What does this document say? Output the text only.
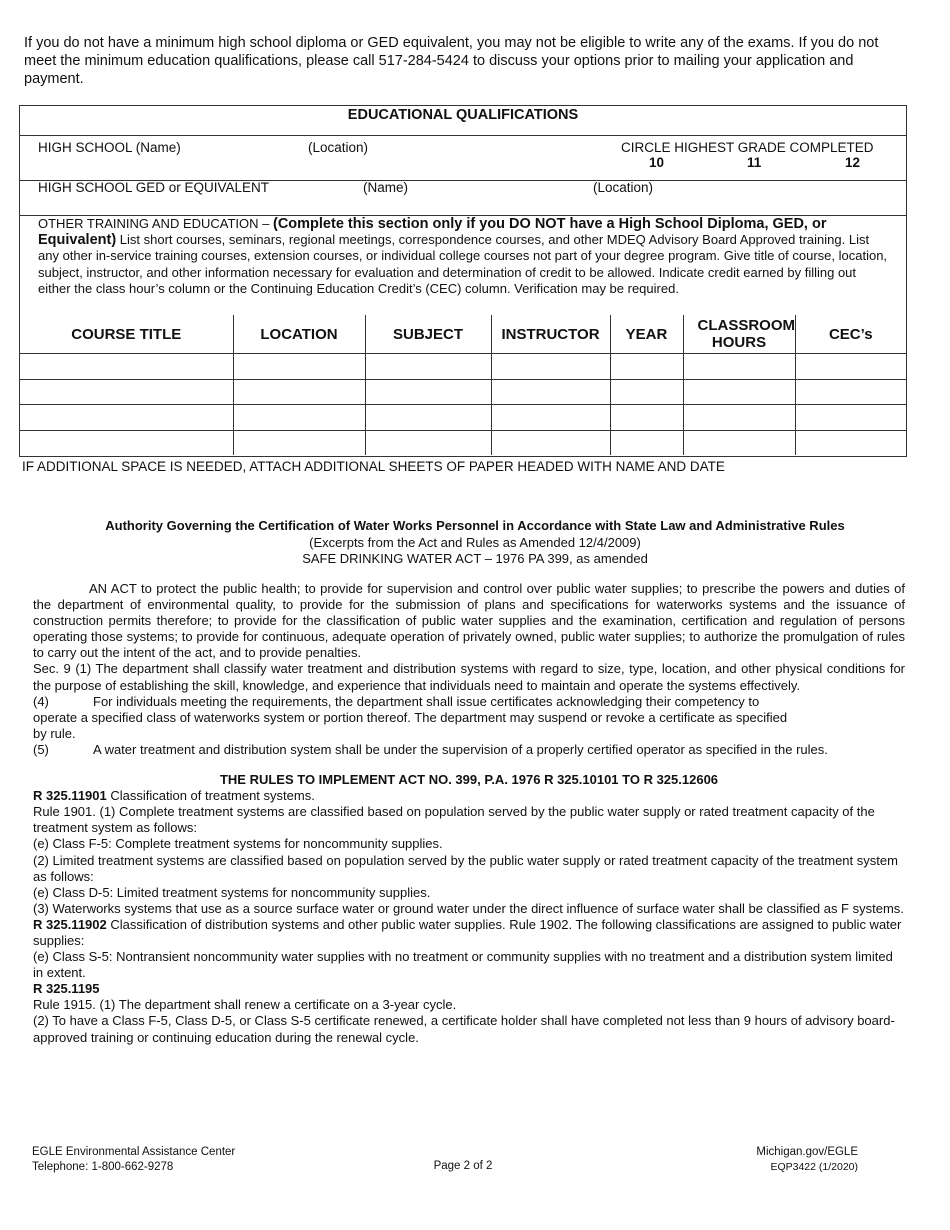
If you do not have a minimum high school diploma or GED equivalent, you may not be eligible to write any of the exams. If you do not meet the minimum education qualifications, please call 517-284-5424 to discuss your options prior to mailing your application and payment.
EDUCATIONAL QUALIFICATIONS
HIGH SCHOOL (Name)	(Location)	CIRCLE HIGHEST GRADE COMPLETED
10	11	12
HIGH SCHOOL GED or EQUIVALENT	(Name)	(Location)
OTHER TRAINING AND EDUCATION – (Complete this section only if you DO NOT have a High School Diploma, GED, or Equivalent) List short courses, seminars, regional meetings, correspondence courses, and other MDEQ Advisory Board Approved training. List any other in-service training courses, extension courses, or individual college courses not part of your degree program. Give title of course, location, subject, instructor, and other information necessary for evaluation and determination of credit to be allowed. Indicate credit earned by filling out either the class hour’s column or the Continuing Education Credit’s (CEC) column. Verification may be required.
COURSE TITLE	LOCATION	SUBJECT	INSTRUCTOR	YEAR	CLASSROOM HOURS	CEC’s

IF ADDITIONAL SPACE IS NEEDED, ATTACH ADDITIONAL SHEETS OF PAPER HEADED WITH NAME AND DATE
Authority Governing the Certification of Water Works Personnel in Accordance with State Law and Administrative Rules
(Excerpts from the Act and Rules as Amended 12/4/2009)
SAFE DRINKING WATER ACT – 1976 PA 399, as amended

AN ACT to protect the public health; to provide for supervision and control over public water supplies; to prescribe the powers and duties of the department of environmental quality, to provide for the submission of plans and specifications for waterworks systems and the issuance of construction permits therefore; to provide for the classification of public water supplies and the examination, certification and regulation of persons operating those systems; to provide for continuous, adequate operation of privately owned, public water supplies; to authorize the promulgation of rules to carry out the intent of the act, and to provide penalties.

Sec. 9 (1) The department shall classify water treatment and distribution systems with regard to size, type, location, and other physical conditions for the purpose of establishing the skill, knowledge, and experience that individuals need to maintain and operate the systems effectively.

(4)	For individuals meeting the requirements, the department shall issue certificates acknowledging their competency to

operate a specified class of waterworks system or portion thereof. The department may suspend or revoke a certificate as specified

by rule.

(5)	A water treatment and distribution system shall be under the supervision of a properly certified operator as specified in the rules.

THE RULES TO IMPLEMENT ACT NO. 399, P.A. 1976 R 325.10101 TO R 325.12606

R 325.11901 Classification of treatment systems.

Rule 1901. (1) Complete treatment systems are classified based on population served by the public water supply or rated treatment capacity of the treatment system as follows:

(e) Class F-5: Complete treatment systems for noncommunity supplies.

(2) Limited treatment systems are classified based on population served by the public water supply or rated treatment capacity of the treatment system as follows:

(e) Class D-5: Limited treatment systems for noncommunity supplies.

(3) Waterworks systems that use as a source surface water or ground water under the direct influence of surface water shall be classified as F systems.

R 325.11902 Classification of distribution systems and other public water supplies. Rule 1902. The following classifications are assigned to public water supplies:

(e) Class S-5: Nontransient noncommunity water supplies with no treatment or community supplies with no treatment and a distribution system limited in extent.

R 325.1195

Rule 1915. (1) The department shall renew a certificate on a 3-year cycle.

(2) To have a Class F-5, Class D-5, or Class S-5 certificate renewed, a certificate holder shall have completed not less than 9 hours of advisory board-approved training or continuing education during the renewal cycle.

EGLE Environmental Assistance Center
Telephone: 1-800-662-9278	Page 2 of 2
Michigan.gov/EGLE
EQP3422 (1/2020)
